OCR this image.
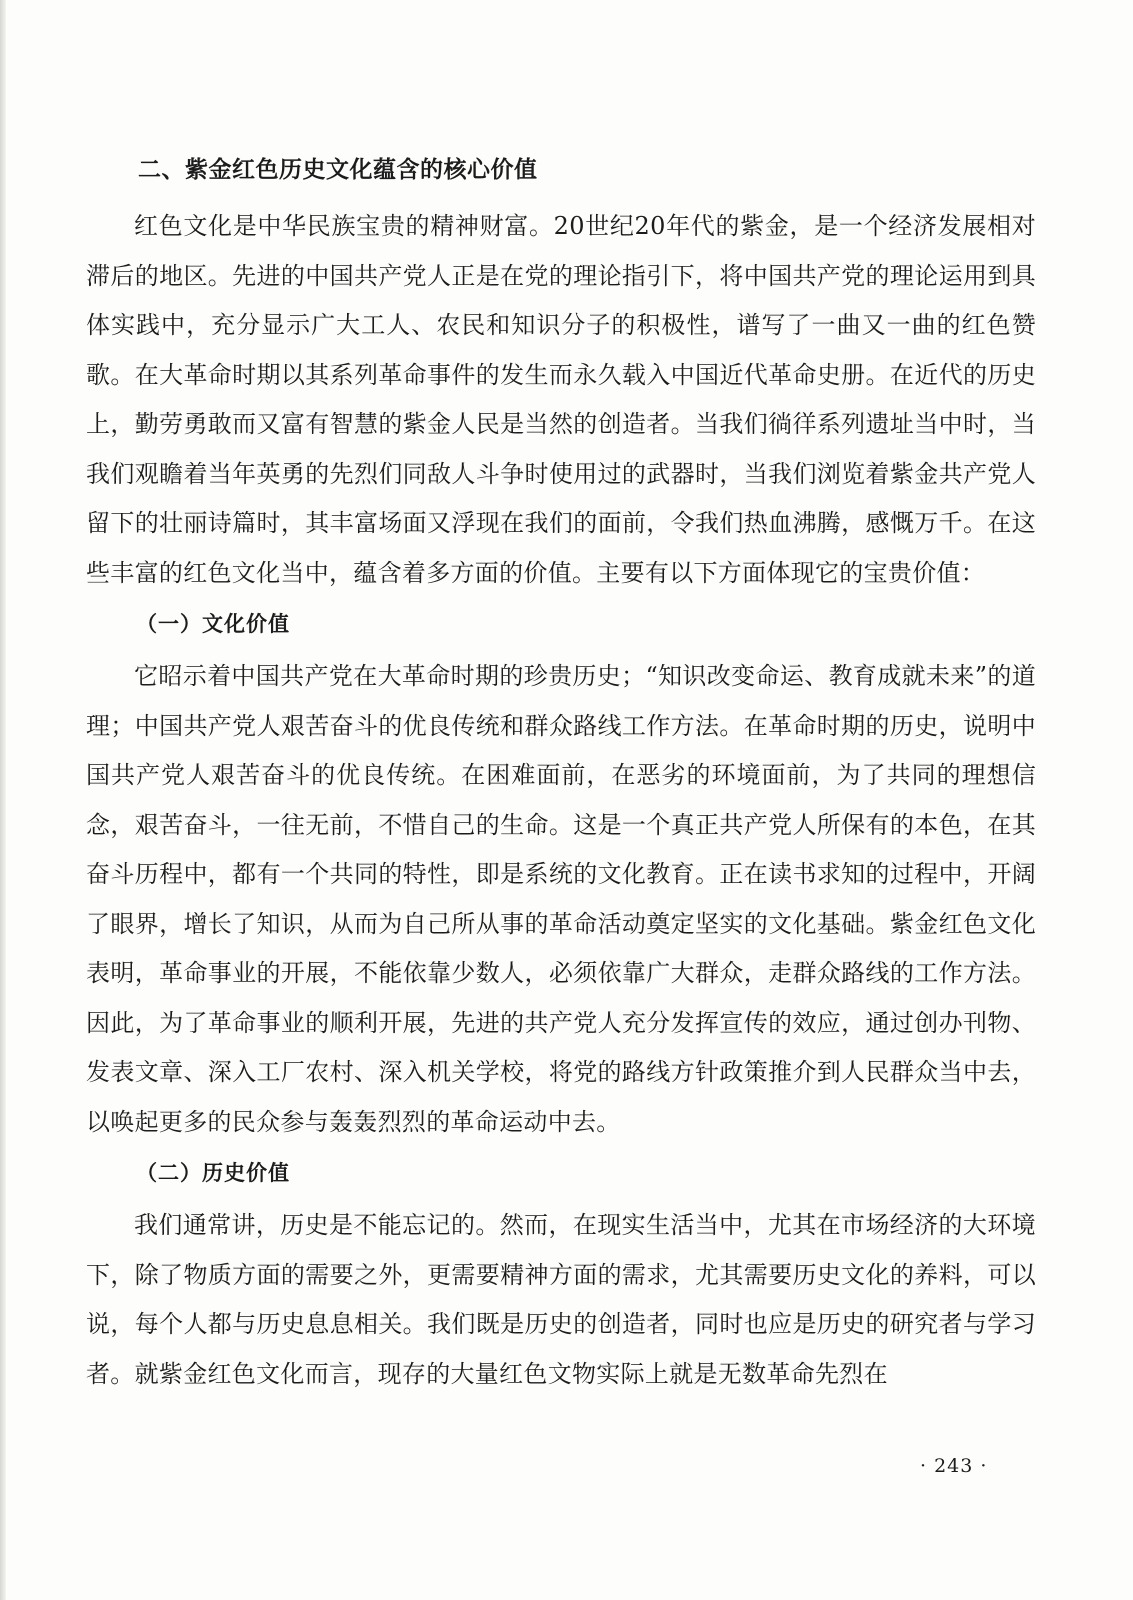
二、紫金红色历史文化蕴含的核心价值

红色文化是中华民族宝贵的精神财富。20世纪20年代的紫金，是一个经济发展相对滞后的地区。先进的中国共产党人正是在党的理论指引下，将中国共产党的理论运用到具体实践中，充分显示广大工人、农民和知识分子的积极性，谱写了一曲又一曲的红色赞歌。在大革命时期以其系列革命事件的发生而永久载入中国近代革命史册。在近代的历史上，勤劳勇敢而又富有智慧的紫金人民是当然的创造者。当我们徜徉系列遗址当中时，当我们观瞻着当年英勇的先烈们同敌人斗争时使用过的武器时，当我们浏览着紫金共产党人留下的壮丽诗篇时，其丰富场面又浮现在我们的面前，令我们热血沸腾，感慨万千。在这些丰富的红色文化当中，蕴含着多方面的价值。主要有以下方面体现它的宝贵价值：

（一）文化价值

它昭示着中国共产党在大革命时期的珍贵历史；“知识改变命运、教育成就未来”的道理；中国共产党人艰苦奋斗的优良传统和群众路线工作方法。在革命时期的历史，说明中国共产党人艰苦奋斗的优良传统。在困难面前，在恶劣的环境面前，为了共同的理想信念，艰苦奋斗，一往无前，不惜自己的生命。这是一个真正共产党人所保有的本色，在其奋斗历程中，都有一个共同的特性，即是系统的文化教育。正在读书求知的过程中，开阔了眼界，增长了知识，从而为自己所从事的革命活动奠定坚实的文化基础。紫金红色文化表明，革命事业的开展，不能依靠少数人，必须依靠广大群众，走群众路线的工作方法。因此，为了革命事业的顺利开展，先进的共产党人充分发挥宣传的效应，通过创办刊物、发表文章、深入工厂农村、深入机关学校，将党的路线方针政策推介到人民群众当中去，以唤起更多的民众参与轰轰烈烈的革命运动中去。

（二）历史价值

我们通常讲，历史是不能忘记的。然而，在现实生活当中，尤其在市场经济的大环境下，除了物质方面的需要之外，更需要精神方面的需求，尤其需要历史文化的养料，可以说，每个人都与历史息息相关。我们既是历史的创造者，同时也应是历史的研究者与学习者。就紫金红色文化而言，现存的大量红色文物实际上就是无数革命先烈在

· 243 ·
